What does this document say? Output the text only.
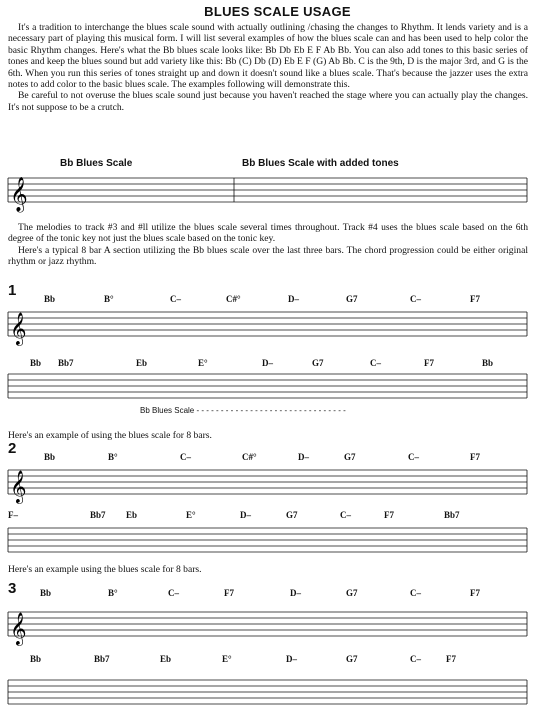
BLUES SCALE USAGE

It's a tradition to interchange the blues scale sound with actually outlining /chasing the changes to Rhythm. It lends variety and is a necessary part of playing this musical form. I will list several examples of how the blues scale can and has been used to help color the basic Rhythm changes. Here's what the Bb blues scale looks like: Bb Db Eb E F Ab Bb. You can also add tones to this basic series of tones and keep the blues sound but add variety like this: Bb (C) Db (D) Eb E F (G) Ab Bb. C is the 9th, D is the major 3rd, and G is the 6th. When you run this series of tones straight up and down it doesn't sound like a blues scale. That's because the jazzer uses the extra notes to add color to the basic blues scale. The examples following will demonstrate this.

Be careful to not overuse the blues scale sound just because you haven't reached the stage where you can actually play the changes. It's not suppose to be a crutch.

Bb Blues Scale	Bb Blues Scale with added tones
𝄞

The melodies to track #3 and #ll utilize the blues scale several times throughout. Track #4 uses the blues scale based on the 6th degree of the tonic key not just the blues scale based on the tonic key.

Here's a typical 8 bar A section utilizing the Bb blues scale over the last three bars. The chord progression could be either original rhythm or jazz rhythm.

1	Bb	B°	C–	C#°	D–	G7	C–	F7
𝄞
Bb Bb7	Eb	E°	D–	G7	C–	F7	Bb
Bb Blues Scale - - - - - - - - - - - - - - - - - - - - - - - - - - - - - - -
Here's an example of using the blues scale for 8 bars.
2	Bb	B°	C–	C#°	D–	G7	C–	F7
𝄞
F–	Bb7 Eb	E°	D–	G7	C–	F7	Bb7
Here's an example using the blues scale for 8 bars.
3	Bb	B°	C–	F7	D–	G7	C–	F7
𝄞
Bb	Bb7	Eb	E°	D–	G7	C–	F7
